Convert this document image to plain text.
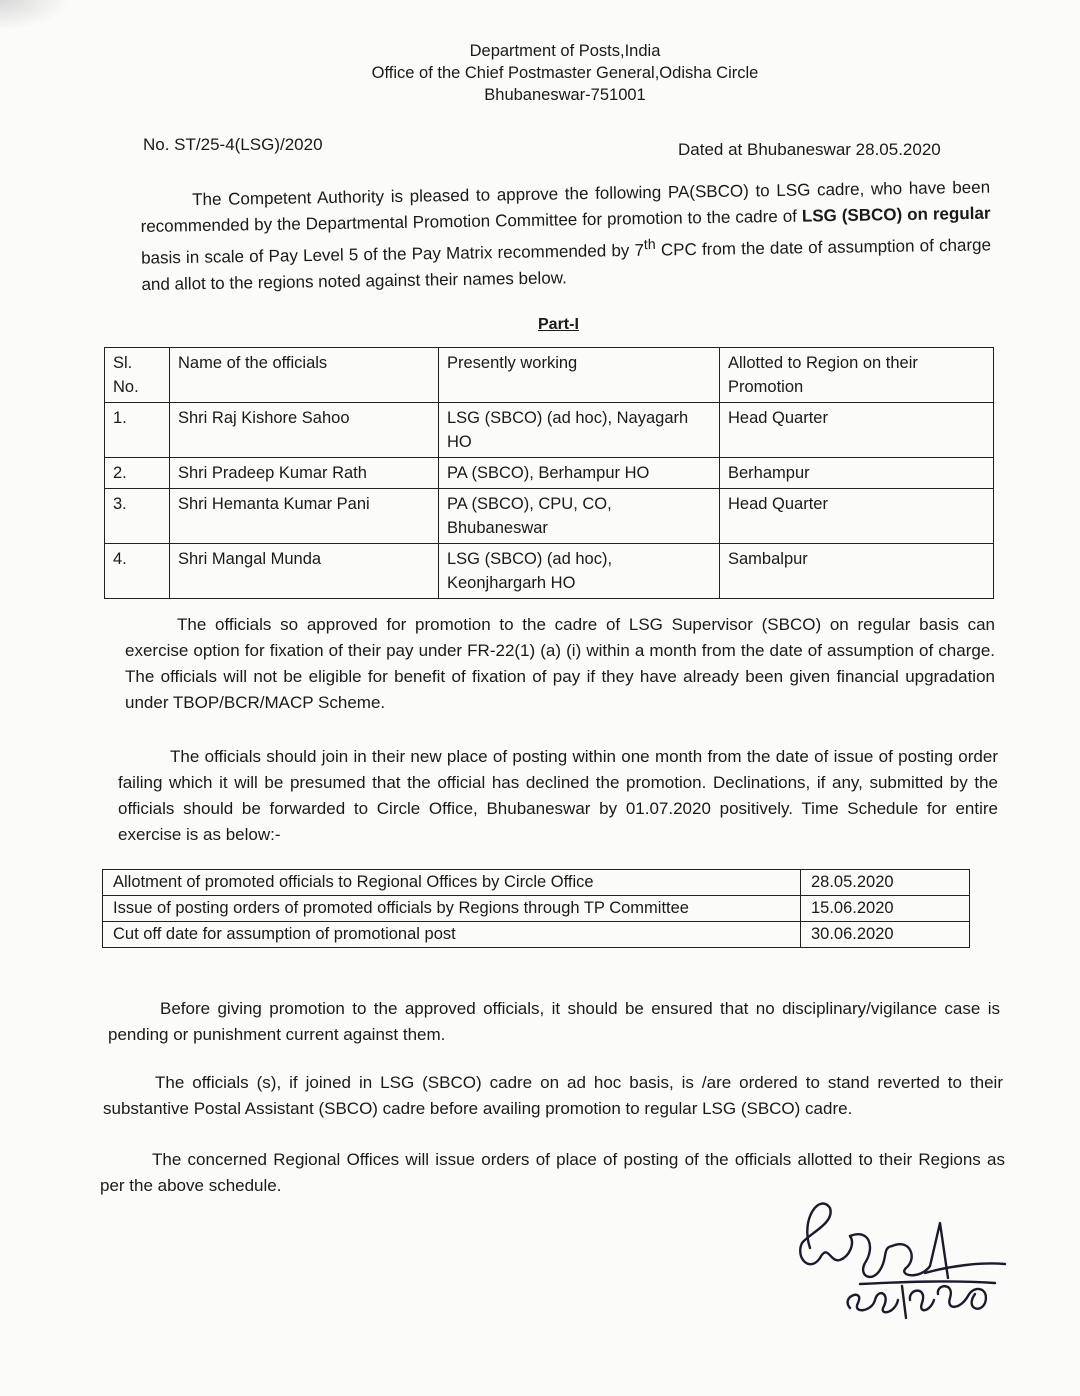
Department of Posts,India
Office of the Chief Postmaster General,Odisha Circle
Bhubaneswar-751001
No. ST/25-4(LSG)/2020	Dated at Bhubaneswar 28.05.2020
The Competent Authority is pleased to approve the following PA(SBCO) to LSG cadre, who have been recommended by the Departmental Promotion Committee for promotion to the cadre of LSG (SBCO) on regular basis in scale of Pay Level 5 of the Pay Matrix recommended by 7th CPC from the date of assumption of charge and allot to the regions noted against their names below.
Part-I
Sl. No.	Name of the officials	Presently working	Allotted to Region on their Promotion
1.	Shri Raj Kishore Sahoo	LSG (SBCO) (ad hoc), Nayagarh HO	Head Quarter
2.	Shri Pradeep Kumar Rath	PA (SBCO), Berhampur HO	Berhampur
3.	Shri Hemanta Kumar Pani	PA (SBCO), CPU, CO, Bhubaneswar	Head Quarter
4.	Shri Mangal Munda	LSG (SBCO) (ad hoc), Keonjhargarh HO	Sambalpur
The officials so approved for promotion to the cadre of LSG Supervisor (SBCO) on regular basis can exercise option for fixation of their pay under FR-22(1) (a) (i) within a month from the date of assumption of charge. The officials will not be eligible for benefit of fixation of pay if they have already been given financial upgradation under TBOP/BCR/MACP Scheme.
The officials should join in their new place of posting within one month from the date of issue of posting order failing which it will be presumed that the official has declined the promotion. Declinations, if any, submitted by the officials should be forwarded to Circle Office, Bhubaneswar by 01.07.2020 positively. Time Schedule for entire exercise is as below:-
Allotment of promoted officials to Regional Offices by Circle Office	28.05.2020
Issue of posting orders of promoted officials by Regions through TP Committee	15.06.2020
Cut off date for assumption of promotional post	30.06.2020
Before giving promotion to the approved officials, it should be ensured that no disciplinary/vigilance case is pending or punishment current against them.
The officials (s), if joined in LSG (SBCO) cadre on ad hoc basis, is /are ordered to stand reverted to their substantive Postal Assistant (SBCO) cadre before availing promotion to regular LSG (SBCO) cadre.
The concerned Regional Offices will issue orders of place of posting of the officials allotted to their Regions as per the above schedule.
